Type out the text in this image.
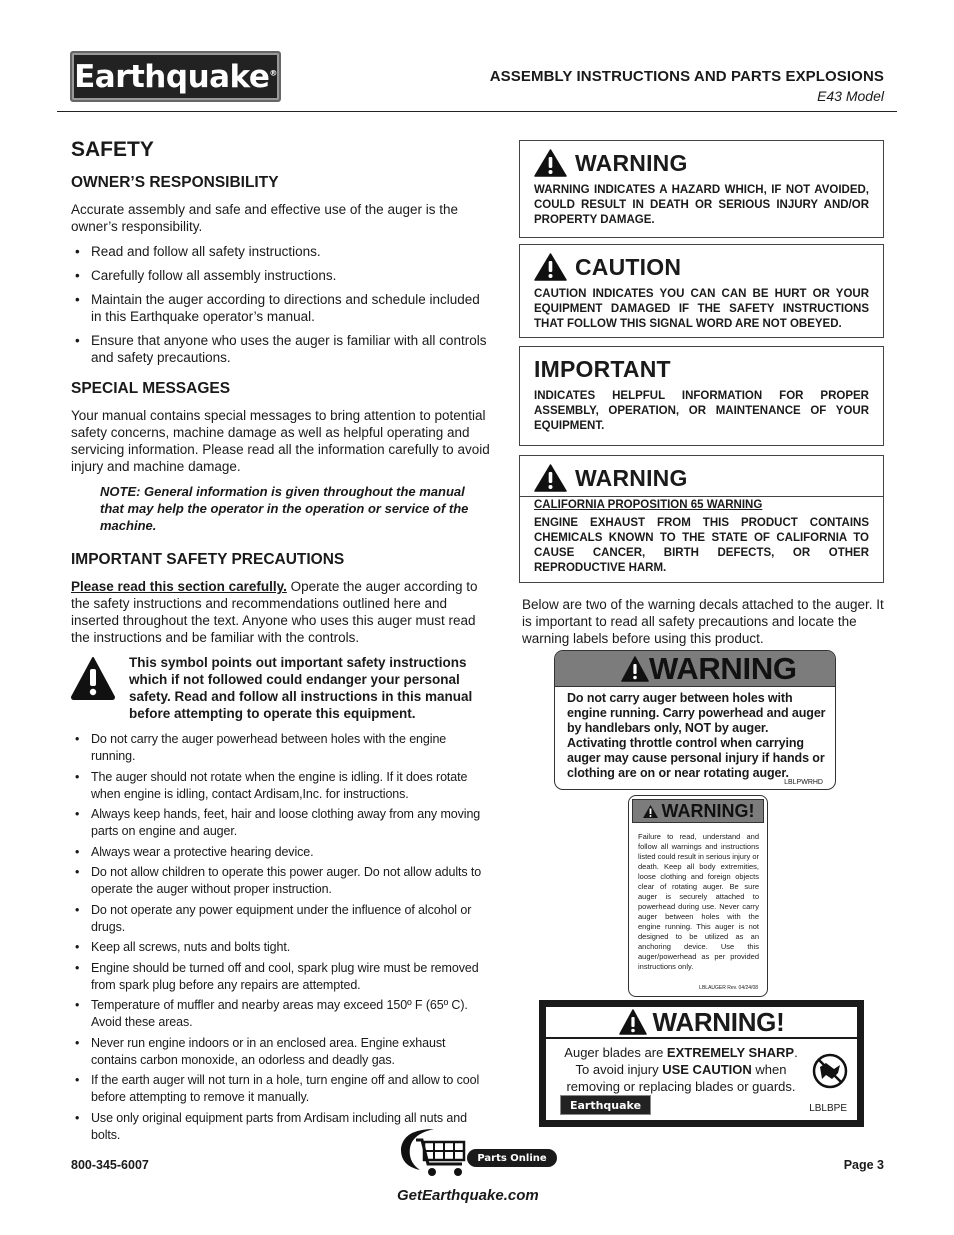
Earthquake®	ASSEMBLY INSTRUCTIONS AND PARTS EXPLOSIONS
E43 Model
SAFETY
OWNER’S RESPONSIBILITY

Accurate assembly and safe and effective use of the auger is the owner’s responsibility.

• Read and follow all safety instructions.
• Carefully follow all assembly instructions.
• Maintain the auger according to directions and schedule included in this Earthquake operator’s manual.
• Ensure that anyone who uses the auger is familiar with all controls and safety precautions.
SPECIAL MESSAGES

Your manual contains special messages to bring attention to potential safety concerns, machine damage as well as helpful operating and servicing information. Please read all the information carefully to avoid injury and machine damage.

NOTE: General information is given throughout the manual that may help the operator in the operation or service of the machine.

IMPORTANT SAFETY PRECAUTIONS

Please read this section carefully. Operate the auger according to the safety instructions and recommendations outlined here and inserted throughout the text. Anyone who uses this auger must read the instructions and be familiar with the controls.

This symbol points out important safety instructions which if not followed could endanger your personal safety. Read and follow all instructions in this manual before attempting to operate this equipment.
• Do not carry the auger powerhead between holes with the engine running.
• The auger should not rotate when the engine is idling. If it does rotate when engine is idling, contact Ardisam,Inc. for instructions.
• Always keep hands, feet, hair and loose clothing away from any moving parts on engine and auger.
• Always wear a protective hearing device.
• Do not allow children to operate this power auger. Do not allow adults to operate the auger without proper instruction.
• Do not operate any power equipment under the influence of alcohol or drugs.
• Keep all screws, nuts and bolts tight.
• Engine should be turned off and cool, spark plug wire must be removed from spark plug before any repairs are attempted.
• Temperature of muffler and nearby areas may exceed 150º F (65º C). Avoid these areas.
• Never run engine indoors or in an enclosed area. Engine exhaust contains carbon monoxide, an odorless and deadly gas.
• If the earth auger will not turn in a hole, turn engine off and allow to cool before attempting to remove it manually.
• Use only original equipment parts from Ardisam including all nuts and bolts.
WARNING
WARNING INDICATES A HAZARD WHICH, IF NOT AVOIDED, COULD RESULT IN DEATH OR SERIOUS INJURY AND/OR PROPERTY DAMAGE.
CAUTION
CAUTION INDICATES YOU CAN CAN BE HURT OR YOUR EQUIPMENT DAMAGED IF THE SAFETY INSTRUCTIONS THAT FOLLOW THIS SIGNAL WORD ARE NOT OBEYED.
IMPORTANT
INDICATES HELPFUL INFORMATION FOR PROPER ASSEMBLY, OPERATION, OR MAINTENANCE OF YOUR EQUIPMENT.
WARNING
CALIFORNIA PROPOSITION 65 WARNING
ENGINE EXHAUST FROM THIS PRODUCT CONTAINS CHEMICALS KNOWN TO THE STATE OF CALIFORNIA TO CAUSE CANCER, BIRTH DEFECTS, OR OTHER REPRODUCTIVE HARM.

Below are two of the warning decals attached to the auger. It is important to read all safety precautions and locate the warning labels before using this product.

WARNING
Do not carry auger between holes with engine running. Carry powerhead and auger by handlebars only, NOT by auger. Activating throttle control when carrying auger may cause personal injury if hands or clothing are on or near rotating auger.
LBLPWRHD
WARNING!
Failure to read, understand and follow all warnings and instructions listed could result in serious injury or death. Keep all body extremities, loose clothing and foreign objects clear of rotating auger. Be sure auger is securely attached to powerhead during use. Never carry auger between holes with the engine running. This auger is not designed to be utilized as an anchoring device. Use this auger/powerhead as per provided instructions only.
LBLAUGER Rev. 04/24/08
WARNING!
Auger blades are EXTREMELY SHARP.
To avoid injury USE CAUTION when
removing or replacing blades or guards.
Earthquake	LBLBPE
800-345-6007	Parts Online
GetEarthquake.com
Page 3
